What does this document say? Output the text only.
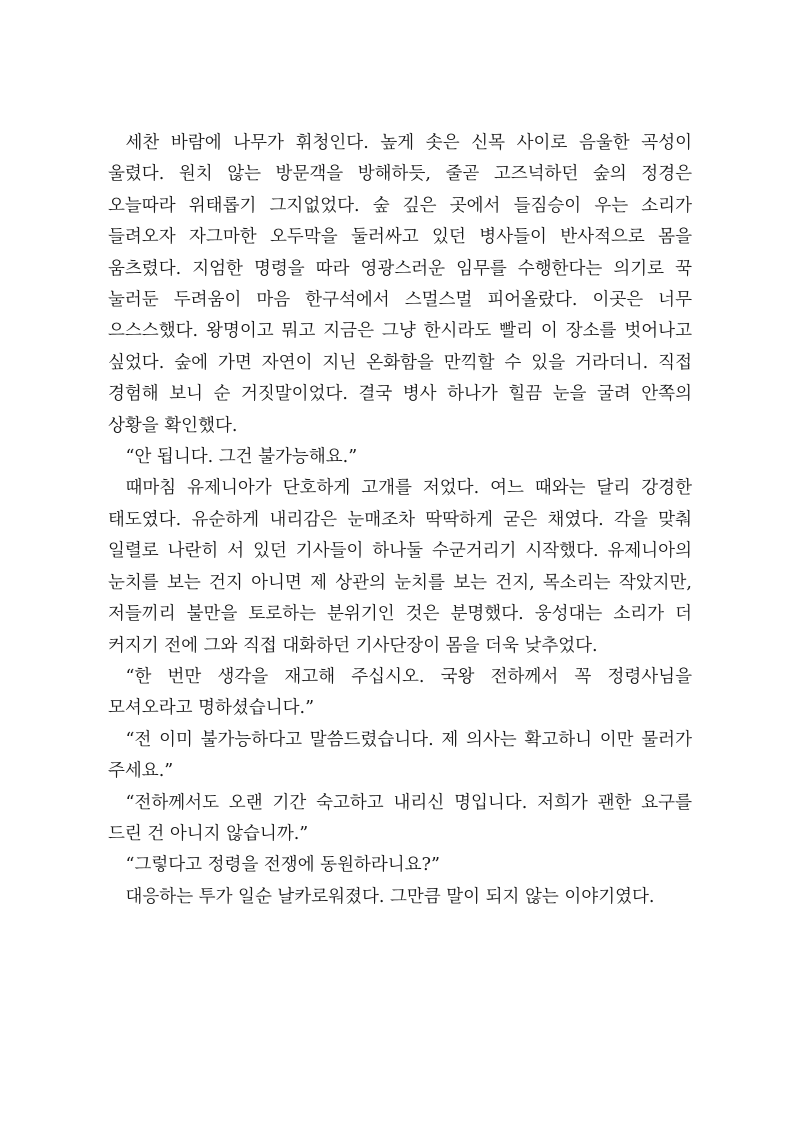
세찬 바람에 나무가 휘청인다. 높게 솟은 신목 사이로 음울한 곡성이 울렸다. 원치 않는 방문객을 방해하듯, 줄곧 고즈넉하던 숲의 정경은 오늘따라 위태롭기 그지없었다. 숲 깊은 곳에서 들짐승이 우는 소리가 들려오자 자그마한 오두막을 둘러싸고 있던 병사들이 반사적으로 몸을 움츠렸다. 지엄한 명령을 따라 영광스러운 임무를 수행한다는 의기로 꾹 눌러둔 두려움이 마음 한구석에서 스멀스멀 피어올랐다. 이곳은 너무 으스스했다. 왕명이고 뭐고 지금은 그냥 한시라도 빨리 이 장소를 벗어나고 싶었다. 숲에 가면 자연이 지닌 온화함을 만끽할 수 있을 거라더니. 직접 경험해 보니 순 거짓말이었다. 결국 병사 하나가 힐끔 눈을 굴려 안쪽의 상황을 확인했다.

“안 됩니다. 그건 불가능해요.”

때마침 유제니아가 단호하게 고개를 저었다. 여느 때와는 달리 강경한 태도였다. 유순하게 내리감은 눈매조차 딱딱하게 굳은 채였다. 각을 맞춰 일렬로 나란히 서 있던 기사들이 하나둘 수군거리기 시작했다. 유제니아의 눈치를 보는 건지 아니면 제 상관의 눈치를 보는 건지, 목소리는 작았지만, 저들끼리 불만을 토로하는 분위기인 것은 분명했다. 웅성대는 소리가 더 커지기 전에 그와 직접 대화하던 기사단장이 몸을 더욱 낮추었다.

“한 번만 생각을 재고해 주십시오. 국왕 전하께서 꼭 정령사님을 모셔오라고 명하셨습니다.”

“전 이미 불가능하다고 말씀드렸습니다. 제 의사는 확고하니 이만 물러가 주세요.”

“전하께서도 오랜 기간 숙고하고 내리신 명입니다. 저희가 괜한 요구를 드린 건 아니지 않습니까.”

“그렇다고 정령을 전쟁에 동원하라니요?”

대응하는 투가 일순 날카로워졌다. 그만큼 말이 되지 않는 이야기였다.
